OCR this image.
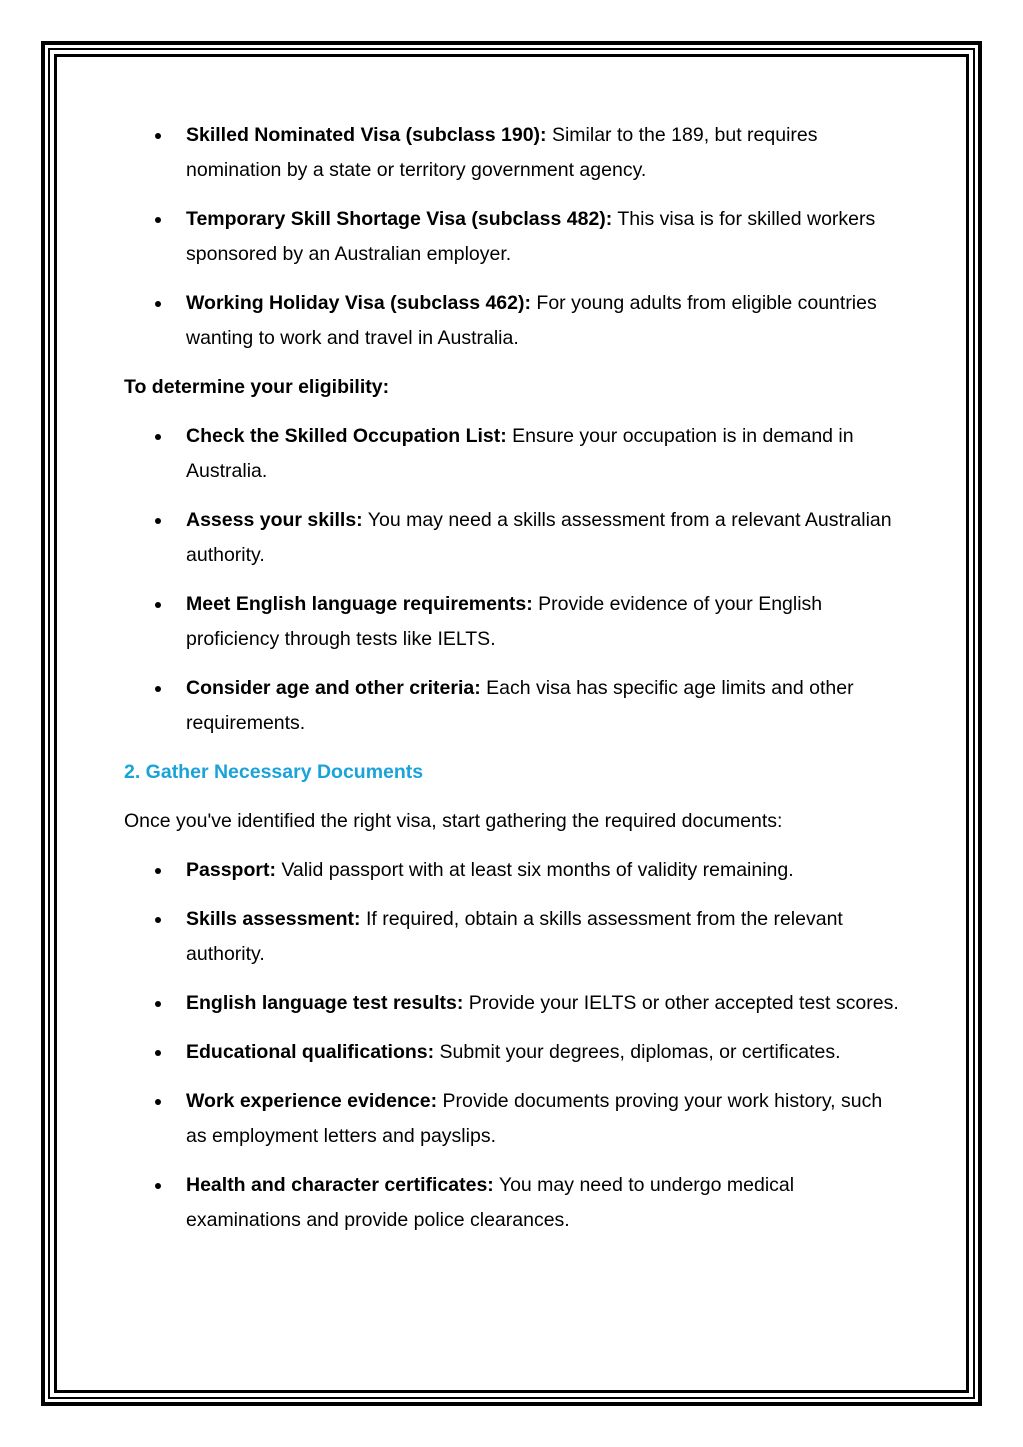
Skilled Nominated Visa (subclass 190): Similar to the 189, but requires nomination by a state or territory government agency.
Temporary Skill Shortage Visa (subclass 482): This visa is for skilled workers sponsored by an Australian employer.
Working Holiday Visa (subclass 462): For young adults from eligible countries wanting to work and travel in Australia.

To determine your eligibility:

Check the Skilled Occupation List: Ensure your occupation is in demand in Australia.
Assess your skills: You may need a skills assessment from a relevant Australian authority.
Meet English language requirements: Provide evidence of your English proficiency through tests like IELTS.
Consider age and other criteria: Each visa has specific age limits and other requirements.

2. Gather Necessary Documents

Once you've identified the right visa, start gathering the required documents:

Passport: Valid passport with at least six months of validity remaining.
Skills assessment: If required, obtain a skills assessment from the relevant authority.
English language test results: Provide your IELTS or other accepted test scores.
Educational qualifications: Submit your degrees, diplomas, or certificates.
Work experience evidence: Provide documents proving your work history, such as employment letters and payslips.
Health and character certificates: You may need to undergo medical examinations and provide police clearances.
